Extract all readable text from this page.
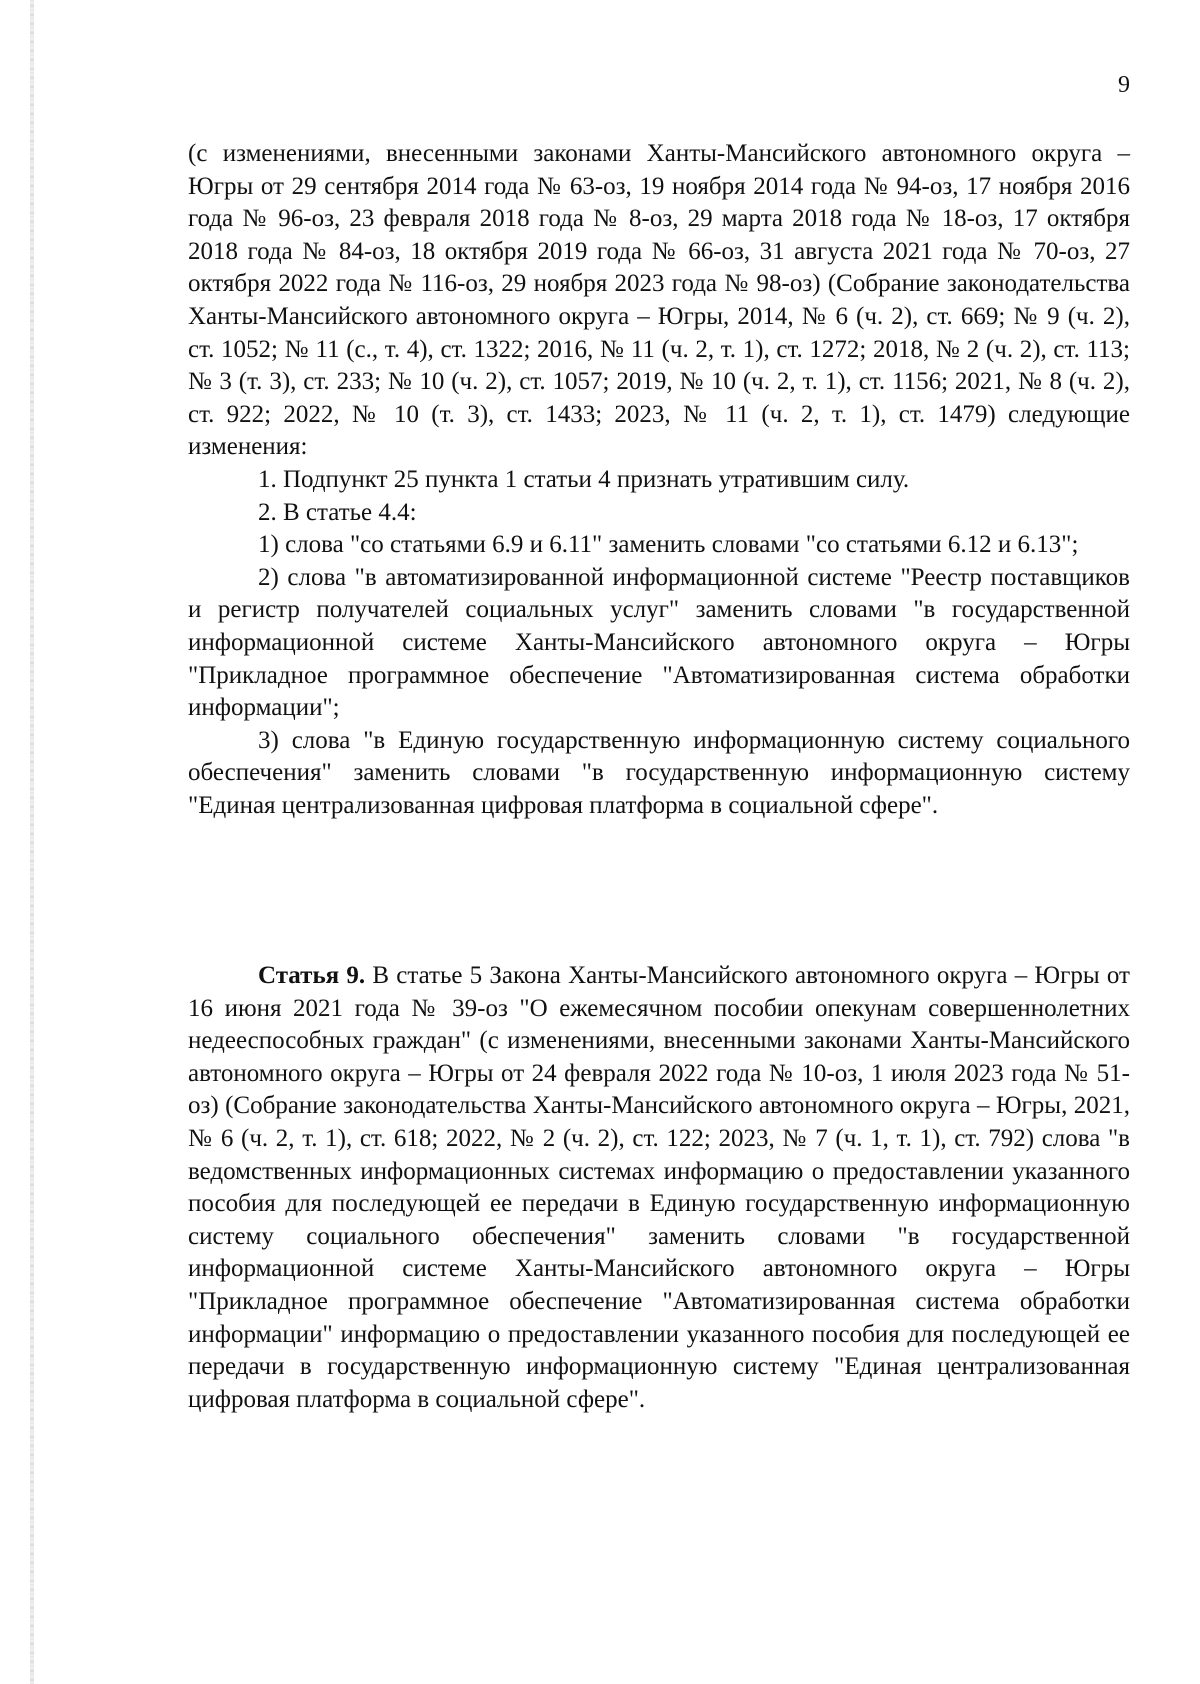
9

(с изменениями, внесенными законами Ханты-Мансийского автономного округа – Югры от 29 сентября 2014 года № 63-оз, 19 ноября 2014 года № 94-оз, 17 ноября 2016 года № 96-оз, 23 февраля 2018 года № 8-оз, 29 марта 2018 года № 18-оз, 17 октября 2018 года № 84-оз, 18 октября 2019 года № 66-оз, 31 августа 2021 года № 70-оз, 27 октября 2022 года № 116-оз, 29 ноября 2023 года № 98-оз) (Собрание законодательства Ханты-Мансийского автономного округа – Югры, 2014, № 6 (ч. 2), ст. 669; № 9 (ч. 2), ст. 1052; № 11 (с., т. 4), ст. 1322; 2016, № 11 (ч. 2, т. 1), ст. 1272; 2018, № 2 (ч. 2), ст. 113; № 3 (т. 3), ст. 233; № 10 (ч. 2), ст. 1057; 2019, № 10 (ч. 2, т. 1), ст. 1156; 2021, № 8 (ч. 2), ст. 922; 2022, № 10 (т. 3), ст. 1433; 2023, № 11 (ч. 2, т. 1), ст. 1479) следующие изменения:

1. Подпункт 25 пункта 1 статьи 4 признать утратившим силу.

2. В статье 4.4:

1) слова "со статьями 6.9 и 6.11" заменить словами "со статьями 6.12 и 6.13";

2) слова "в автоматизированной информационной системе "Реестр поставщиков и регистр получателей социальных услуг" заменить словами "в государственной информационной системе Ханты-Мансийского автономного округа – Югры "Прикладное программное обеспечение "Автоматизированная система обработки информации";

3) слова "в Единую государственную информационную систему социального обеспечения" заменить словами "в государственную информационную систему "Единая централизованная цифровая платформа в социальной сфере".

Статья 9. В статье 5 Закона Ханты-Мансийского автономного округа – Югры от 16 июня 2021 года № 39-оз "О ежемесячном пособии опекунам совершеннолетних недееспособных граждан" (с изменениями, внесенными законами Ханты-Мансийского автономного округа – Югры от 24 февраля 2022 года № 10-оз, 1 июля 2023 года № 51-оз) (Собрание законодательства Ханты-Мансийского автономного округа – Югры, 2021, № 6 (ч. 2, т. 1), ст. 618; 2022, № 2 (ч. 2), ст. 122; 2023, № 7 (ч. 1, т. 1), ст. 792) слова "в ведомственных информационных системах информацию о предоставлении указанного пособия для последующей ее передачи в Единую государственную информационную систему социального обеспечения" заменить словами "в государственной информационной системе Ханты-Мансийского автономного округа – Югры "Прикладное программное обеспечение "Автоматизированная система обработки информации" информацию о предоставлении указанного пособия для последующей ее передачи в государственную информационную систему "Единая централизованная цифровая платформа в социальной сфере".
